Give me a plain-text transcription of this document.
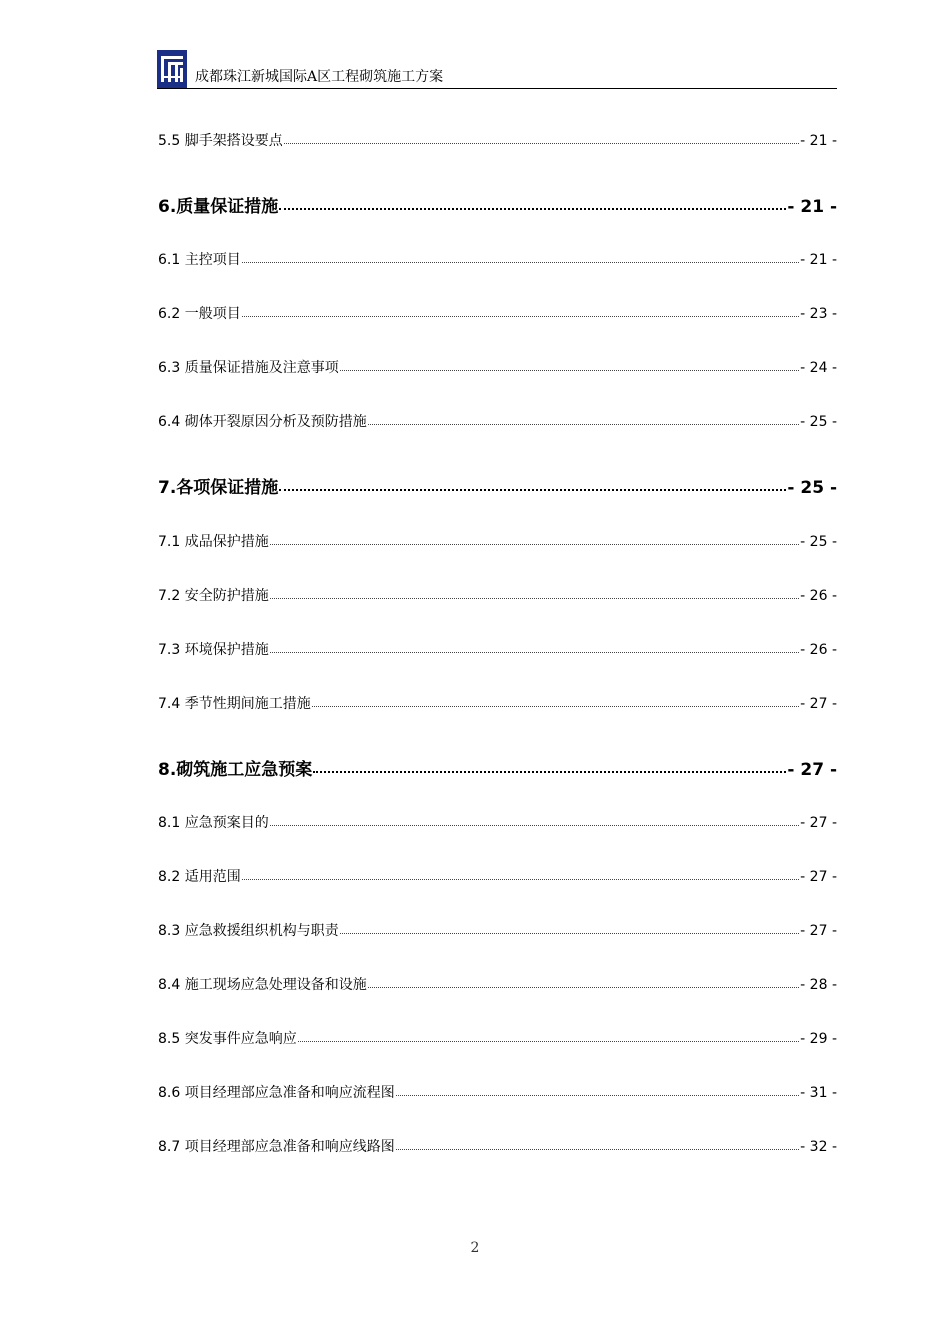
成都珠江新城国际A区工程砌筑施工方案
5.5 脚手架搭设要点	- 21 -
6.质量保证措施	- 21 -
6.1 主控项目	- 21 -
6.2 一般项目	- 23 -
6.3 质量保证措施及注意事项	- 24 -
6.4 砌体开裂原因分析及预防措施	- 25 -
7.各项保证措施	- 25 -
7.1 成品保护措施	- 25 -
7.2 安全防护措施	- 26 -
7.3 环境保护措施	- 26 -
7.4 季节性期间施工措施	- 27 -
8.砌筑施工应急预案	- 27 -
8.1 应急预案目的	- 27 -
8.2 适用范围	- 27 -
8.3 应急救援组织机构与职责	- 27 -
8.4 施工现场应急处理设备和设施	- 28 -
8.5 突发事件应急响应	- 29 -
8.6 项目经理部应急准备和响应流程图	- 31 -
8.7 项目经理部应急准备和响应线路图	- 32 -
2
